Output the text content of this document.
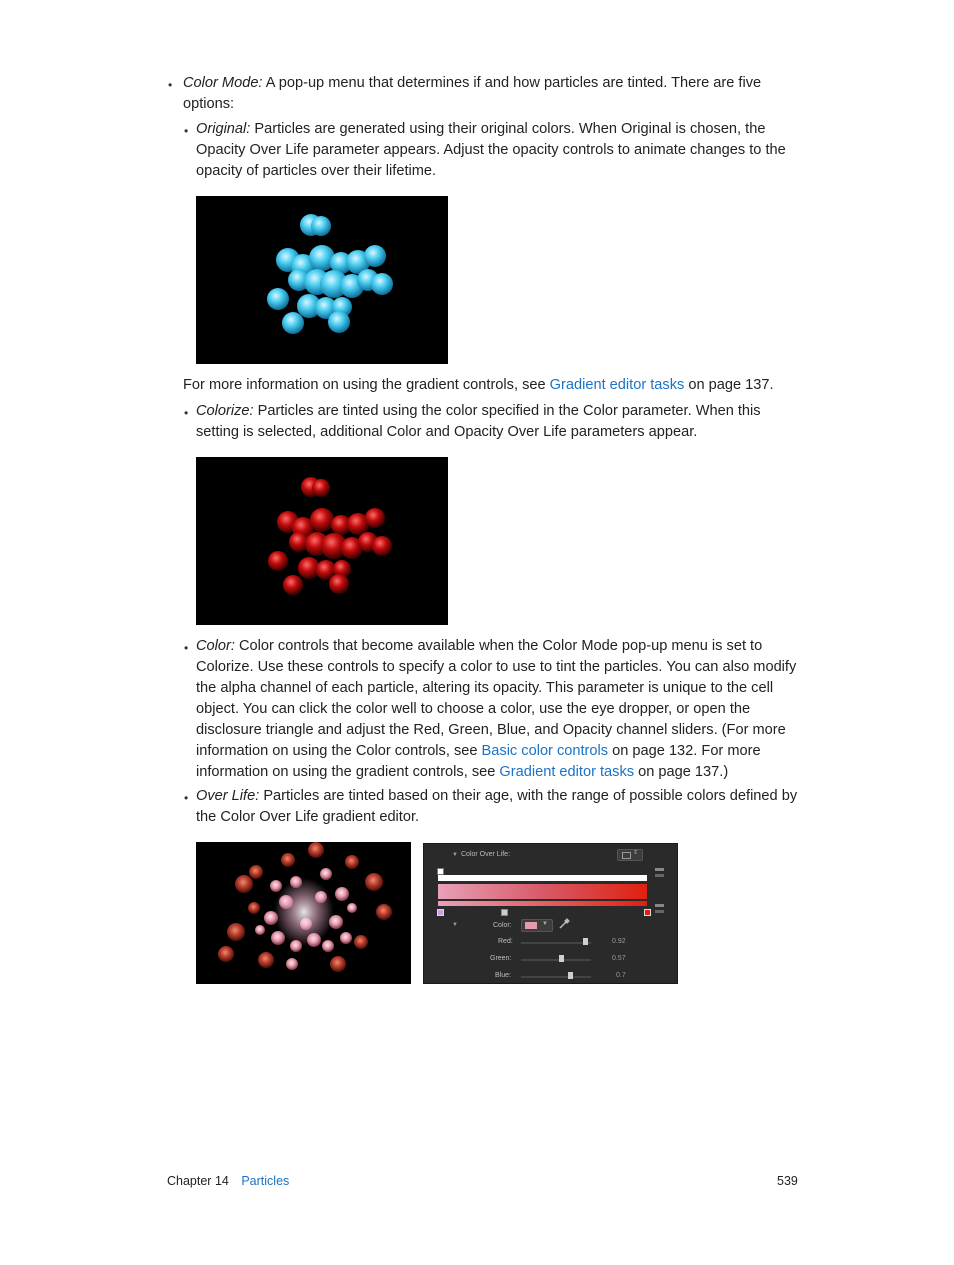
• Color Mode: A pop-up menu that determines if and how particles are tinted. There are five
options:
• Original: Particles are generated using their original colors. When Original is chosen, the
Opacity Over Life parameter appears. Adjust the opacity controls to animate changes to the
opacity of particles over their lifetime.
For more information on using the gradient controls, see Gradient editor tasks on page 137.
• Colorize: Particles are tinted using the color specified in the Color parameter. When this
setting is selected, additional Color and Opacity Over Life parameters appear.
• Color: Color controls that become available when the Color Mode pop-up menu is set to
Colorize. Use these controls to specify a color to use to tint the particles. You can also modify
the alpha channel of each particle, altering its opacity. This parameter is unique to the cell
object. You can click the color well to choose a color, use the eye dropper, or open the
disclosure triangle and adjust the Red, Green, Blue, and Opacity channel sliders. (For more
information on using the Color controls, see Basic color controls on page 132. For more
information on using the gradient controls, see Gradient editor tasks on page 137.)
• Over Life: Particles are tinted based on their age, with the range of possible colors defined by
the Color Over Life gradient editor.
▼ Color Over Life:	⇕
▼	Color:	▼
Red:	0.92
Green:	0.57
Blue:	0.7
Chapter 14 Particles	539
